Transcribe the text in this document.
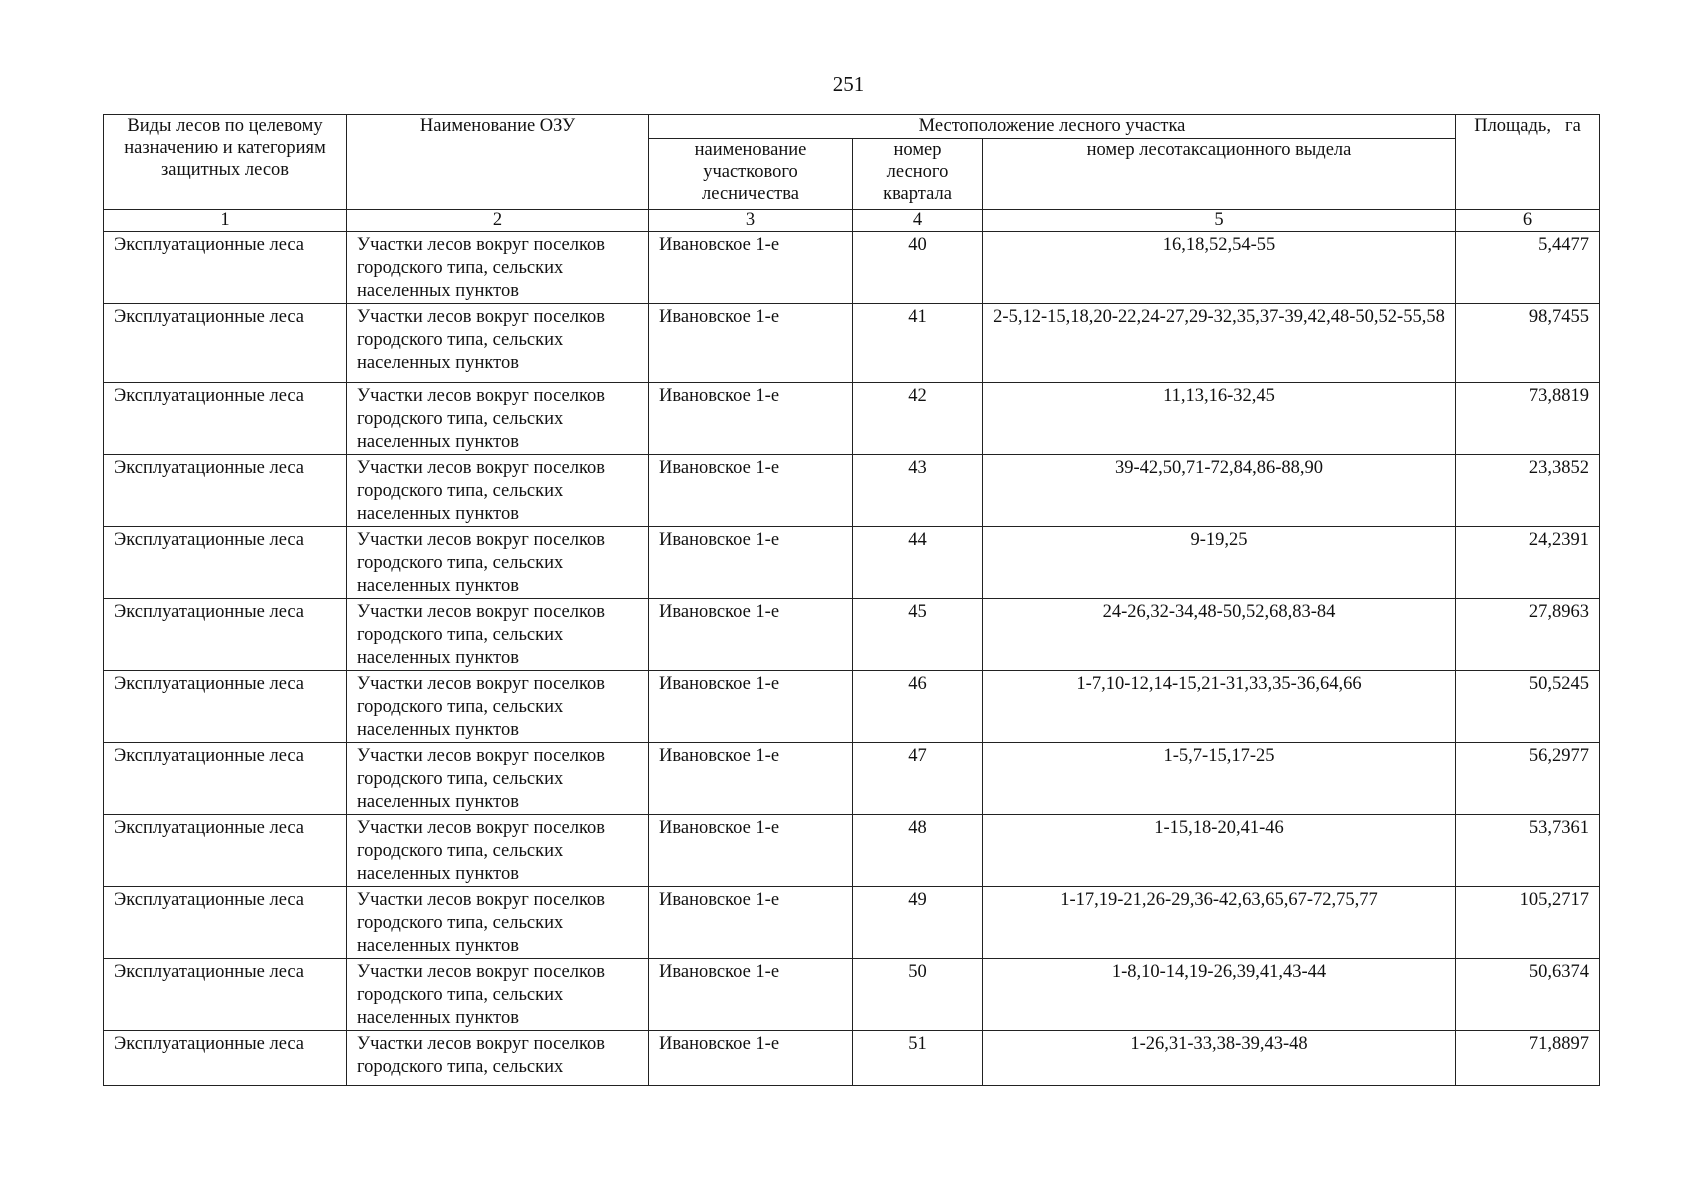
251
Виды лесов по целевому назначению и категориям защитных лесов	Наименование ОЗУ	Местоположение лесного участка			Площадь, га
		наименование участкового лесничества	номер лесного квартала	номер лесотаксационного выдела	
1	2	3	4	5	6
Эксплуатационные леса	Участки лесов вокруг поселков городского типа, сельских населенных пунктов	Ивановское 1-е	40	16,18,52,54-55	5,4477
Эксплуатационные леса	Участки лесов вокруг поселков городского типа, сельских населенных пунктов	Ивановское 1-е	41	2-5,12-15,18,20-22,24-27,29-32,35,37-39,42,48-50,52-55,58	98,7455
Эксплуатационные леса	Участки лесов вокруг поселков городского типа, сельских населенных пунктов	Ивановское 1-е	42	11,13,16-32,45	73,8819
Эксплуатационные леса	Участки лесов вокруг поселков городского типа, сельских населенных пунктов	Ивановское 1-е	43	39-42,50,71-72,84,86-88,90	23,3852
Эксплуатационные леса	Участки лесов вокруг поселков городского типа, сельских населенных пунктов	Ивановское 1-е	44	9-19,25	24,2391
Эксплуатационные леса	Участки лесов вокруг поселков городского типа, сельских населенных пунктов	Ивановское 1-е	45	24-26,32-34,48-50,52,68,83-84	27,8963
Эксплуатационные леса	Участки лесов вокруг поселков городского типа, сельских населенных пунктов	Ивановское 1-е	46	1-7,10-12,14-15,21-31,33,35-36,64,66	50,5245
Эксплуатационные леса	Участки лесов вокруг поселков городского типа, сельских населенных пунктов	Ивановское 1-е	47	1-5,7-15,17-25	56,2977
Эксплуатационные леса	Участки лесов вокруг поселков городского типа, сельских населенных пунктов	Ивановское 1-е	48	1-15,18-20,41-46	53,7361
Эксплуатационные леса	Участки лесов вокруг поселков городского типа, сельских населенных пунктов	Ивановское 1-е	49	1-17,19-21,26-29,36-42,63,65,67-72,75,77	105,2717
Эксплуатационные леса	Участки лесов вокруг поселков городского типа, сельских населенных пунктов	Ивановское 1-е	50	1-8,10-14,19-26,39,41,43-44	50,6374
Эксплуатационные леса	Участки лесов вокруг поселков городского типа, сельских	Ивановское 1-е	51	1-26,31-33,38-39,43-48	71,8897
